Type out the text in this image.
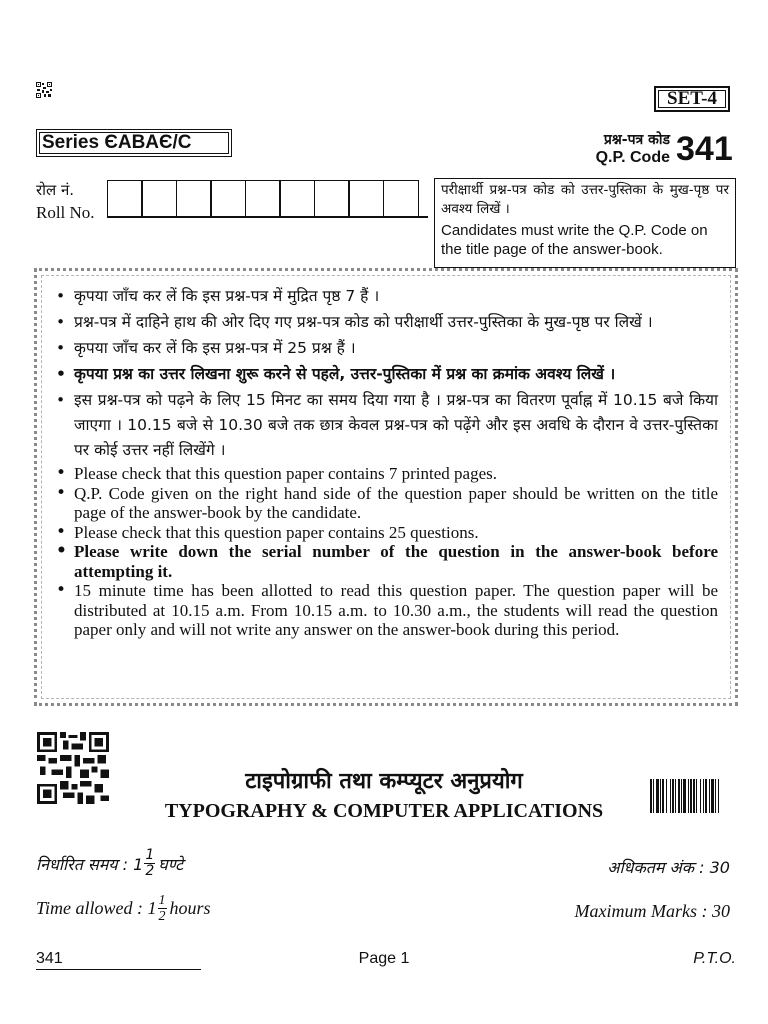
SET-4
Series ЄABAЄ/C	प्रश्न-पत्र कोड
Q.P. Code 341
रोल नं.
Roll No.
परीक्षार्थी प्रश्न-पत्र कोड को उत्तर-पुस्तिका के मुख-पृष्ठ पर अवश्य लिखें ।
Candidates must write the Q.P. Code on the title page of the answer-book.
• कृपया जाँच कर लें कि इस प्रश्न-पत्र में मुद्रित पृष्ठ 7 हैं ।
• प्रश्न-पत्र में दाहिने हाथ की ओर दिए गए प्रश्न-पत्र कोड को परीक्षार्थी उत्तर-पुस्तिका के मुख-पृष्ठ पर लिखें ।
• कृपया जाँच कर लें कि इस प्रश्न-पत्र में 25 प्रश्न हैं ।
• कृपया प्रश्न का उत्तर लिखना शुरू करने से पहले, उत्तर-पुस्तिका में प्रश्न का क्रमांक अवश्य लिखें ।
• इस प्रश्न-पत्र को पढ़ने के लिए 15 मिनट का समय दिया गया है । प्रश्न-पत्र का वितरण पूर्वाह्न में 10.15 बजे किया जाएगा । 10.15 बजे से 10.30 बजे तक छात्र केवल प्रश्न-पत्र को पढ़ेंगे और इस अवधि के दौरान वे उत्तर-पुस्तिका पर कोई उत्तर नहीं लिखेंगे ।
• Please check that this question paper contains 7 printed pages.
• Q.P. Code given on the right hand side of the question paper should be written on the title page of the answer-book by the candidate.
• Please check that this question paper contains 25 questions.
• Please write down the serial number of the question in the answer-book before attempting it.
• 15 minute time has been allotted to read this question paper. The question paper will be distributed at 10.15 a.m. From 10.15 a.m. to 10.30 a.m., the students will read the question paper only and will not write any answer on the answer-book during this period.
टाइपोग्राफी तथा कम्प्यूटर अनुप्रयोग
TYPOGRAPHY & COMPUTER APPLICATIONS
निर्धारित समय : $1 \frac{1}{2}$ घण्टे	अधिकतम अंक : 30
Time allowed : $1 \frac{1}{2}$ hours	Maximum Marks : 30
341	Page 1	P.T.O.
